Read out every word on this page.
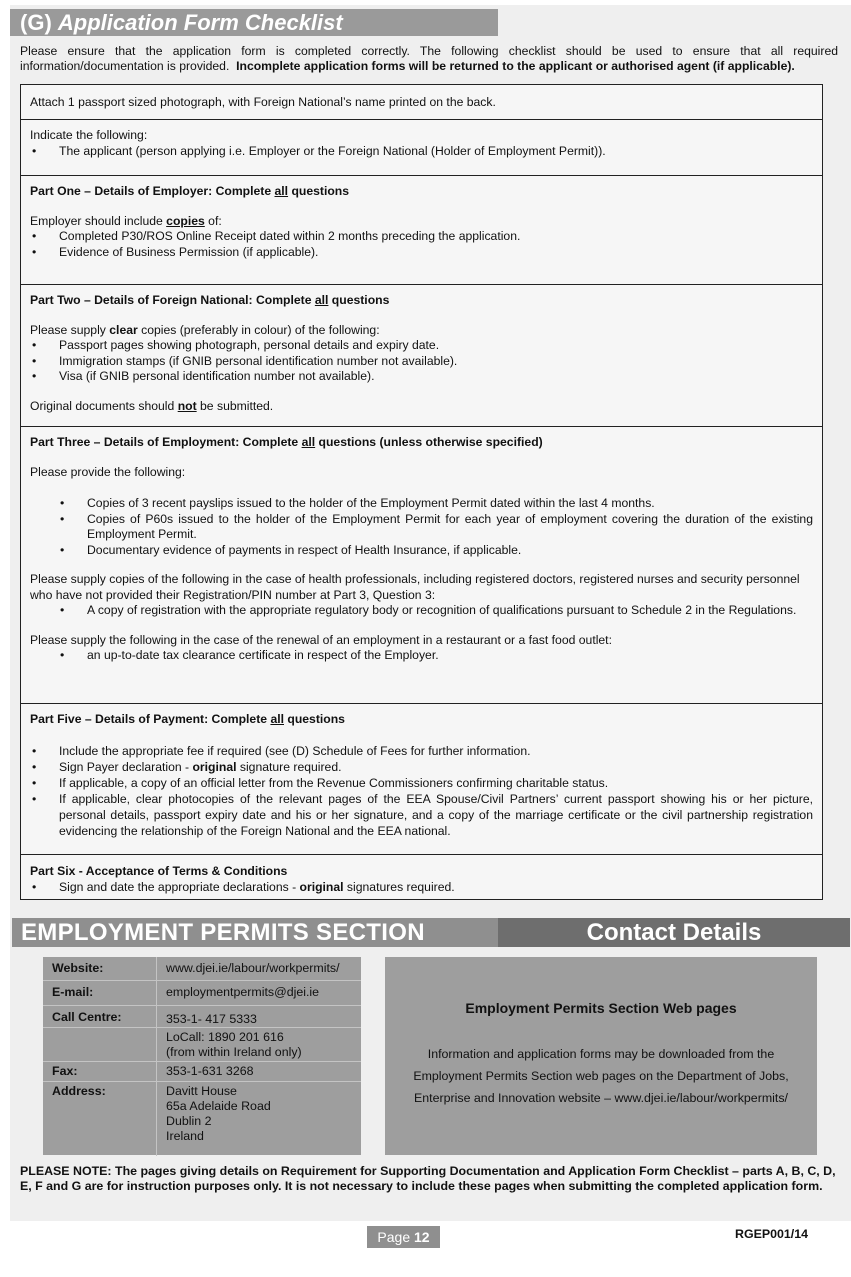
(G) Application Form Checklist
Please ensure that the application form is completed correctly. The following checklist should be used to ensure that all required information/documentation is provided. Incomplete application forms will be returned to the applicant or authorised agent (if applicable).

Attach 1 passport sized photograph, with Foreign National’s name printed on the back.

Indicate the following:

• The applicant (person applying i.e. Employer or the Foreign National (Holder of Employment Permit)).

Part One – Details of Employer: Complete all questions

Employer should include copies of:

• Completed P30/ROS Online Receipt dated within 2 months preceding the application.
• Evidence of Business Permission (if applicable).

Part Two – Details of Foreign National: Complete all questions

Please supply clear copies (preferably in colour) of the following:

• Passport pages showing photograph, personal details and expiry date.
• Immigration stamps (if GNIB personal identification number not available).
• Visa (if GNIB personal identification number not available).

Original documents should not be submitted.

Part Three – Details of Employment: Complete all questions (unless otherwise specified)

Please provide the following:

• Copies of 3 recent payslips issued to the holder of the Employment Permit dated within the last 4 months.
• Copies of P60s issued to the holder of the Employment Permit for each year of employment covering the duration of the existing Employment Permit.
• Documentary evidence of payments in respect of Health Insurance, if applicable.

Please supply copies of the following in the case of health professionals, including registered doctors, registered nurses and security personnel who have not provided their Registration/PIN number at Part 3, Question 3:

• A copy of registration with the appropriate regulatory body or recognition of qualifications pursuant to Schedule 2 in the Regulations.

Please supply the following in the case of the renewal of an employment in a restaurant or a fast food outlet:

• an up-to-date tax clearance certificate in respect of the Employer.

Part Five – Details of Payment: Complete all questions

• Include the appropriate fee if required (see (D) Schedule of Fees for further information.
• Sign Payer declaration - original signature required.
• If applicable, a copy of an official letter from the Revenue Commissioners confirming charitable status.
• If applicable, clear photocopies of the relevant pages of the EEA Spouse/Civil Partners’ current passport showing his or her picture, personal details, passport expiry date and his or her signature, and a copy of the marriage certificate or the civil partnership registration evidencing the relationship of the Foreign National and the EEA national.

Part Six - Acceptance of Terms & Conditions

• Sign and date the appropriate declarations - original signatures required.
EMPLOYMENT PERMITS SECTION	Contact Details
Website:	www.djei.ie/labour/workpermits/
E-mail:	employmentpermits@djei.ie
Call Centre:	353-1- 417 5333
LoCall: 1890 201 616
(from within Ireland only)
Fax:	353-1-631 3268
Address:	Davitt House
65a Adelaide Road
Dublin 2
Ireland
Employment Permits Section Web pages
Information and application forms may be downloaded from the
Employment Permits Section web pages on the Department of Jobs,
Enterprise and Innovation website – www.djei.ie/labour/workpermits/
PLEASE NOTE: The pages giving details on Requirement for Supporting Documentation and Application Form Checklist – parts A, B, C, D, E, F and G are for instruction purposes only. It is not necessary to include these pages when submitting the completed application form.
Page 12	RGEP001/14
